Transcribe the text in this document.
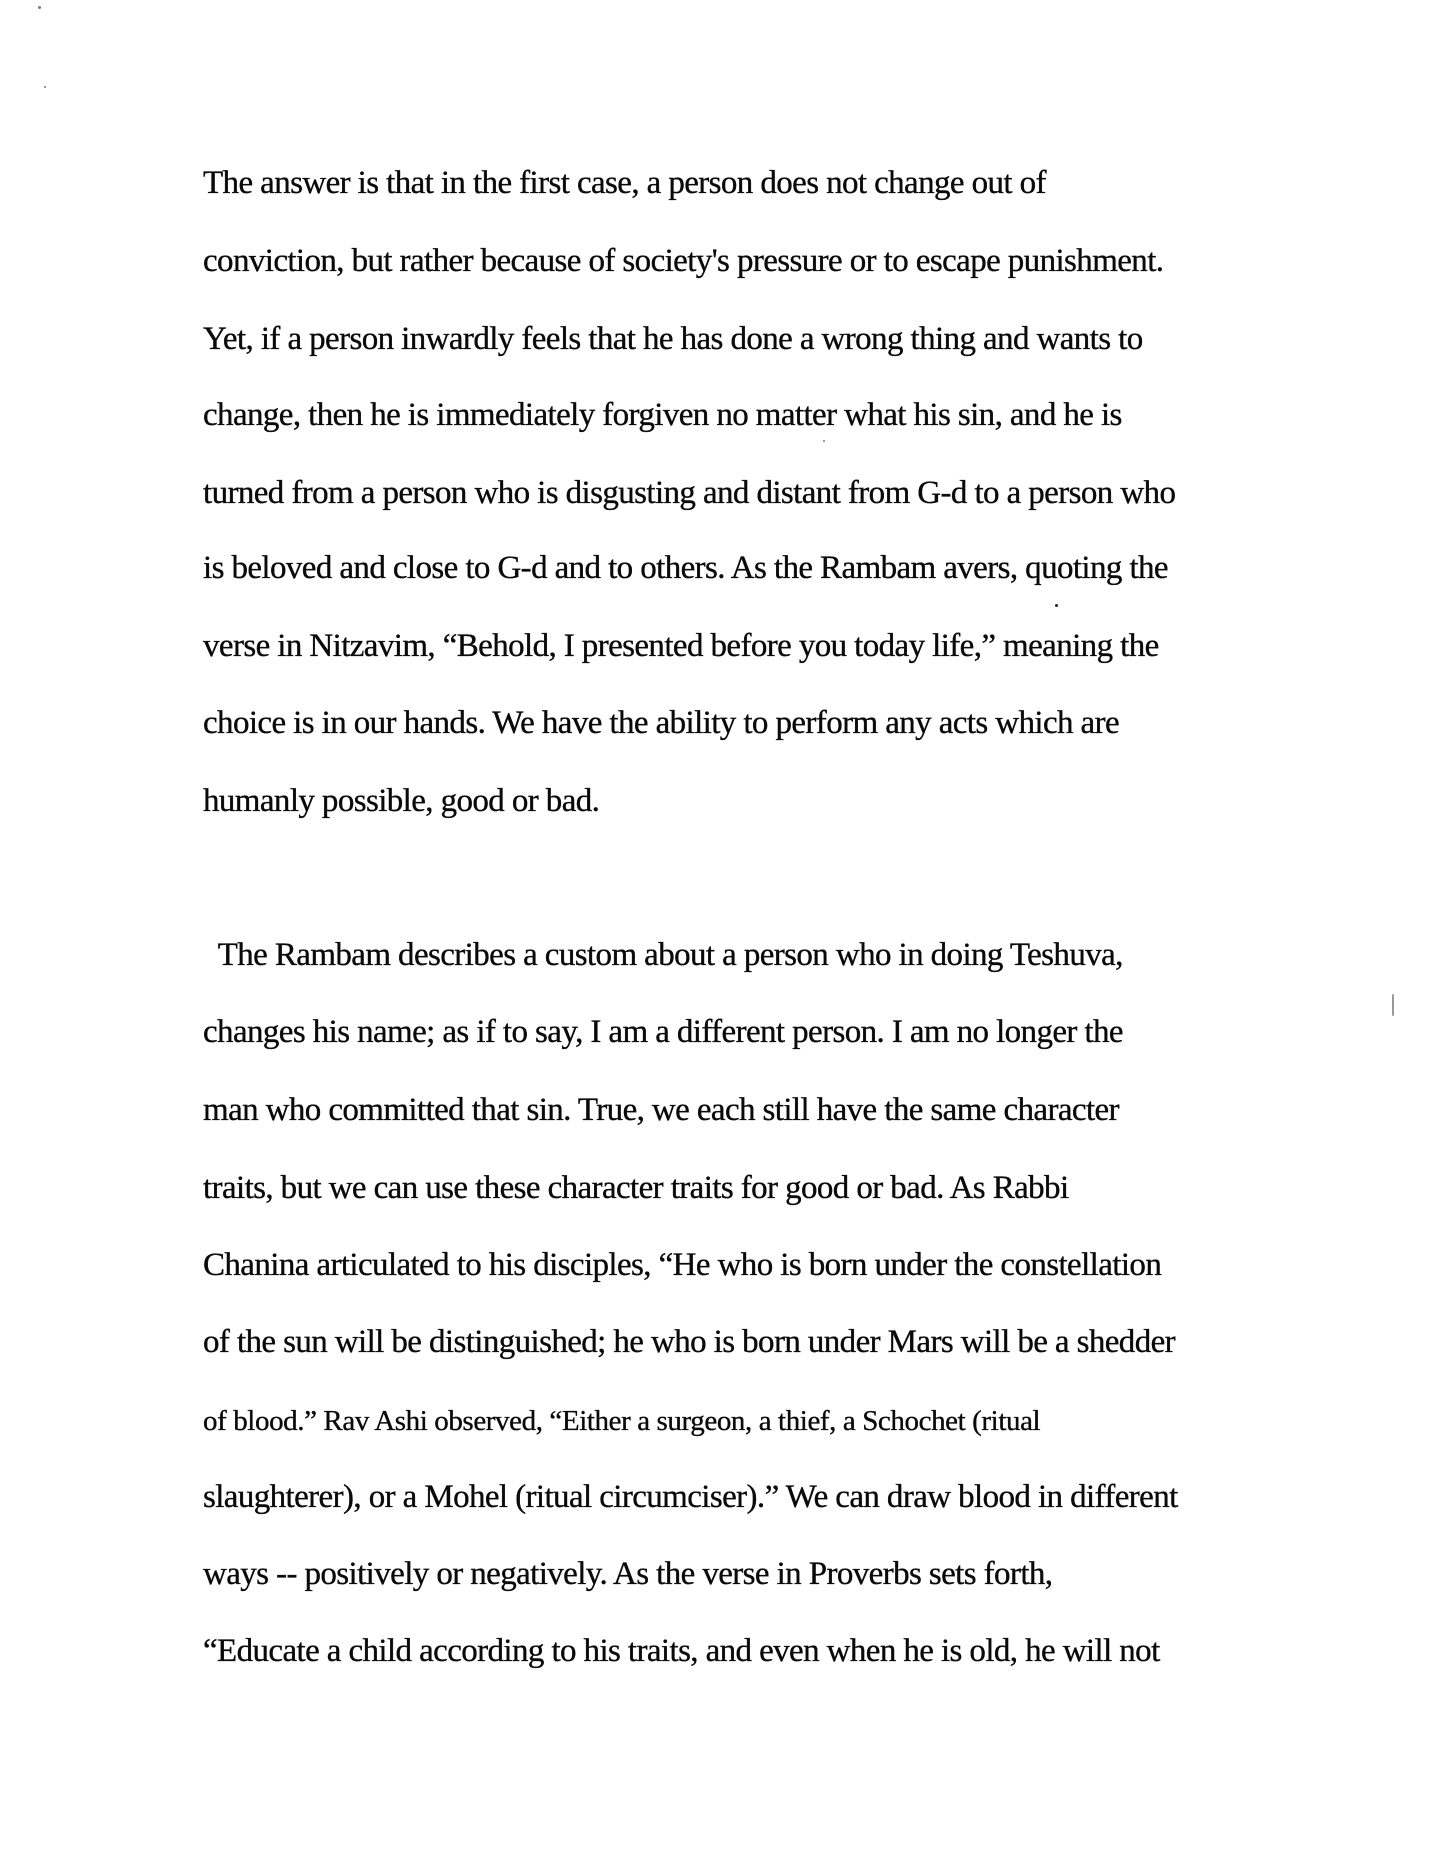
The answer is that in the first case, a person does not change out of
conviction, but rather because of society's pressure or to escape punishment.
Yet, if a person inwardly feels that he has done a wrong thing and wants to
change, then he is immediately forgiven no matter what his sin, and he is
turned from a person who is disgusting and distant from G-d to a person who
is beloved and close to G-d and to others. As the Rambam avers, quoting the
verse in Nitzavim, “Behold, I presented before you today life,” meaning the
choice is in our hands. We have the ability to perform any acts which are
humanly possible, good or bad.
The Rambam describes a custom about a person who in doing Teshuva,
changes his name; as if to say, I am a different person. I am no longer the
man who committed that sin. True, we each still have the same character
traits, but we can use these character traits for good or bad. As Rabbi
Chanina articulated to his disciples, “He who is born under the constellation
of the sun will be distinguished; he who is born under Mars will be a shedder
of blood.” Rav Ashi observed, “Either a surgeon, a thief, a Schochet (ritual
slaughterer), or a Mohel (ritual circumciser).” We can draw blood in different
ways -- positively or negatively. As the verse in Proverbs sets forth,
“Educate a child according to his traits, and even when he is old, he will not
